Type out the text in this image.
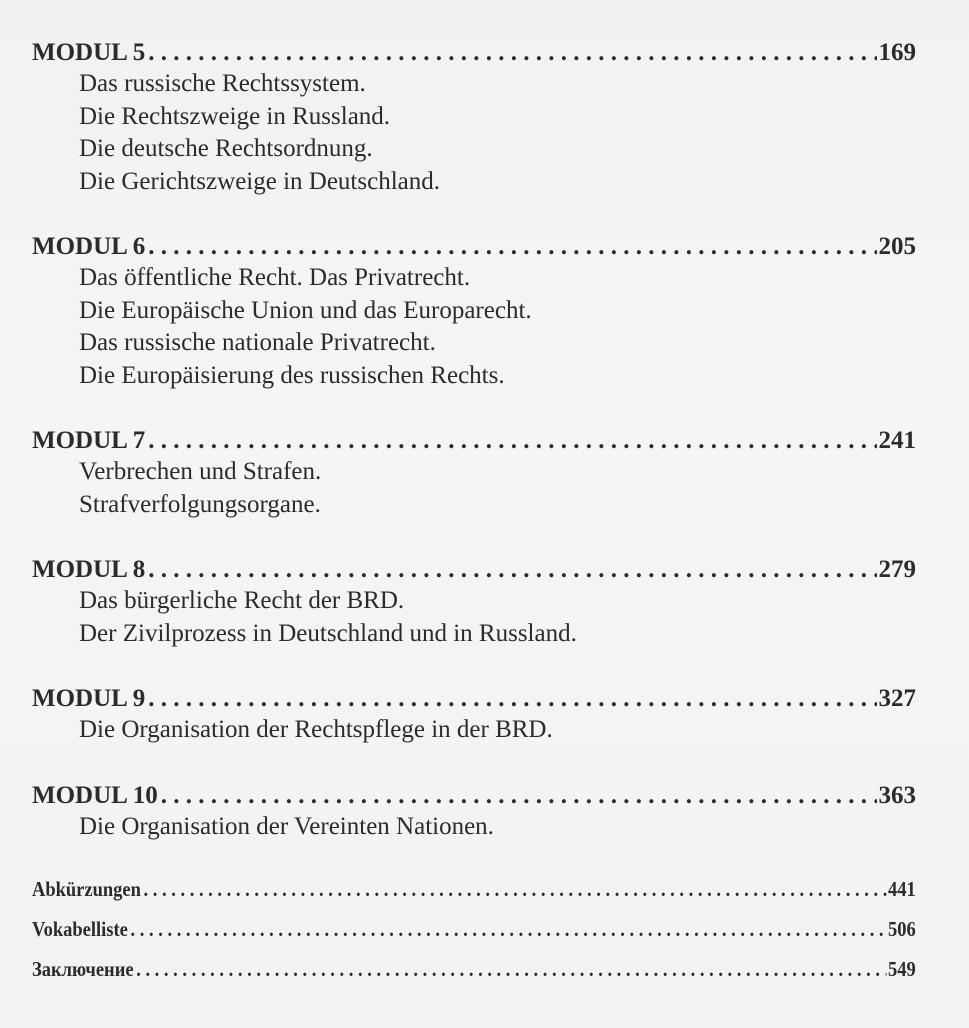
MODUL 5 . . .	169
Das russische Rechtssystem.
Die Rechtszweige in Russland.
Die deutsche Rechtsordnung.
Die Gerichtszweige in Deutschland.
MODUL 6 . . .	205
Das öffentliche Recht. Das Privatrecht.
Die Europäische Union und das Europarecht.
Das russische nationale Privatrecht.
Die Europäisierung des russischen Rechts.
MODUL 7 . . .	241
Verbrechen und Strafen.
Strafverfolgungsorgane.
MODUL 8 . . .	279
Das bürgerliche Recht der BRD.
Der Zivilprozess in Deutschland und in Russland.
MODUL 9 . . .	327
Die Organisation der Rechtspflege in der BRD.
MODUL 10 . . .	363
Die Organisation der Vereinten Nationen.
Abkürzungen . . .	441
Vokabelliste . . .	506
Заключение . . .	549
